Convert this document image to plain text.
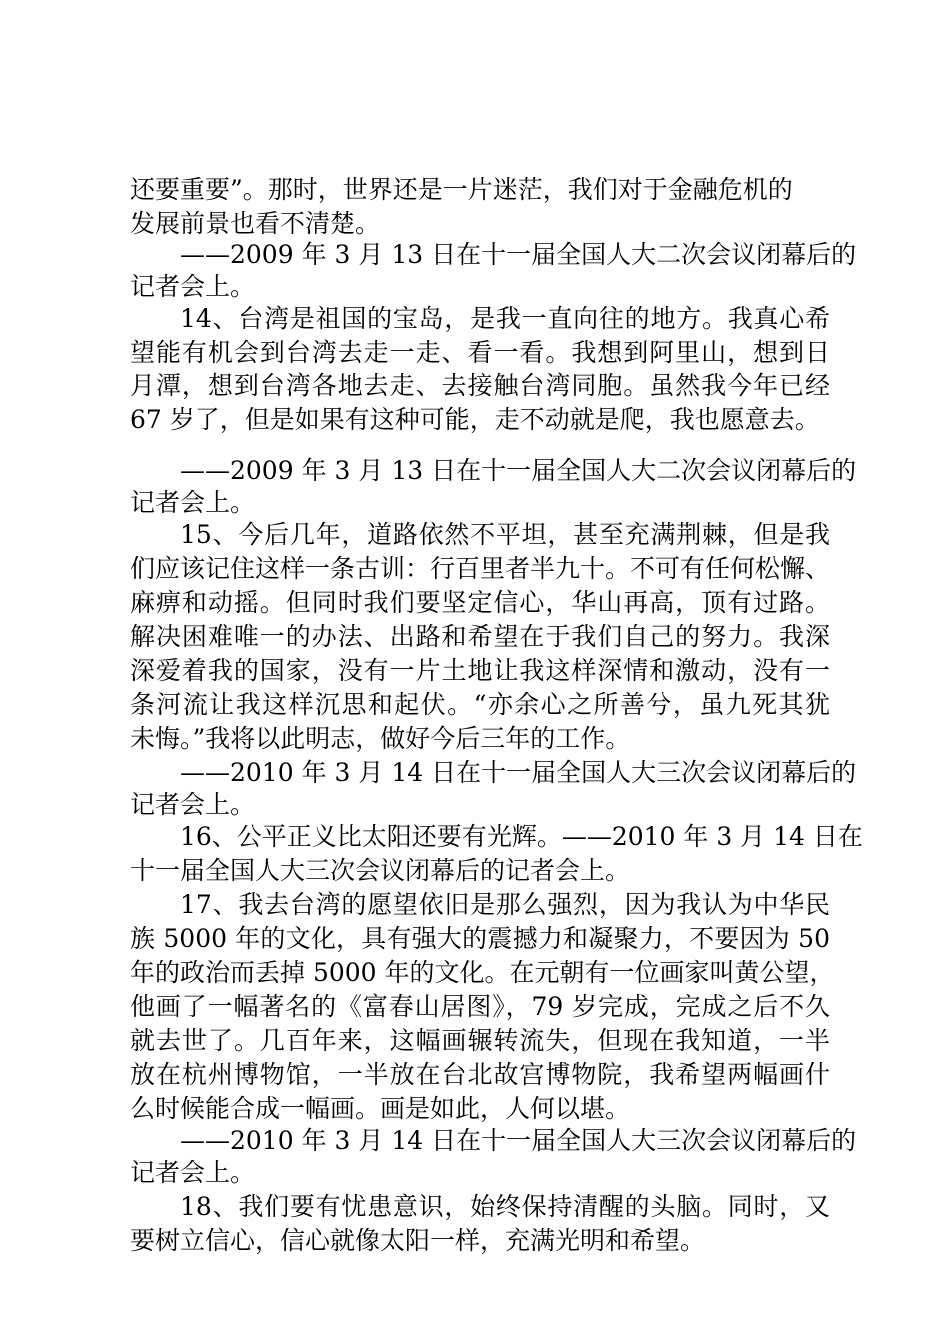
还要重要”。那时，世界还是一片迷茫，我们对于金融危机的
发展前景也看不清楚。
——2009 年 3 月 13 日在十一届全国人大二次会议闭幕后的
记者会上。
14、台湾是祖国的宝岛，是我一直向往的地方。我真心希
望能有机会到台湾去走一走、看一看。我想到阿里山，想到日
月潭，想到台湾各地去走、去接触台湾同胞。虽然我今年已经
67 岁了，但是如果有这种可能，走不动就是爬，我也愿意去。
——2009 年 3 月 13 日在十一届全国人大二次会议闭幕后的
记者会上。
15、今后几年，道路依然不平坦，甚至充满荆棘，但是我
们应该记住这样一条古训：行百里者半九十。不可有任何松懈、
麻痹和动摇。但同时我们要坚定信心，华山再高，顶有过路。
解决困难唯一的办法、出路和希望在于我们自己的努力。我深
深爱着我的国家，没有一片土地让我这样深情和激动，没有一
条河流让我这样沉思和起伏。“亦余心之所善兮，虽九死其犹
未悔。”我将以此明志，做好今后三年的工作。
——2010 年 3 月 14 日在十一届全国人大三次会议闭幕后的
记者会上。
16、公平正义比太阳还要有光辉。——2010 年 3 月 14 日在
十一届全国人大三次会议闭幕后的记者会上。
17、我去台湾的愿望依旧是那么强烈，因为我认为中华民
族 5000 年的文化，具有强大的震撼力和凝聚力，不要因为 50
年的政治而丢掉 5000 年的文化。在元朝有一位画家叫黄公望，
他画了一幅著名的《富春山居图》，79 岁完成，完成之后不久
就去世了。几百年来，这幅画辗转流失，但现在我知道，一半
放在杭州博物馆，一半放在台北故宫博物院，我希望两幅画什
么时候能合成一幅画。画是如此，人何以堪。
——2010 年 3 月 14 日在十一届全国人大三次会议闭幕后的
记者会上。
18、我们要有忧患意识，始终保持清醒的头脑。同时，又
要树立信心，信心就像太阳一样，充满光明和希望。
